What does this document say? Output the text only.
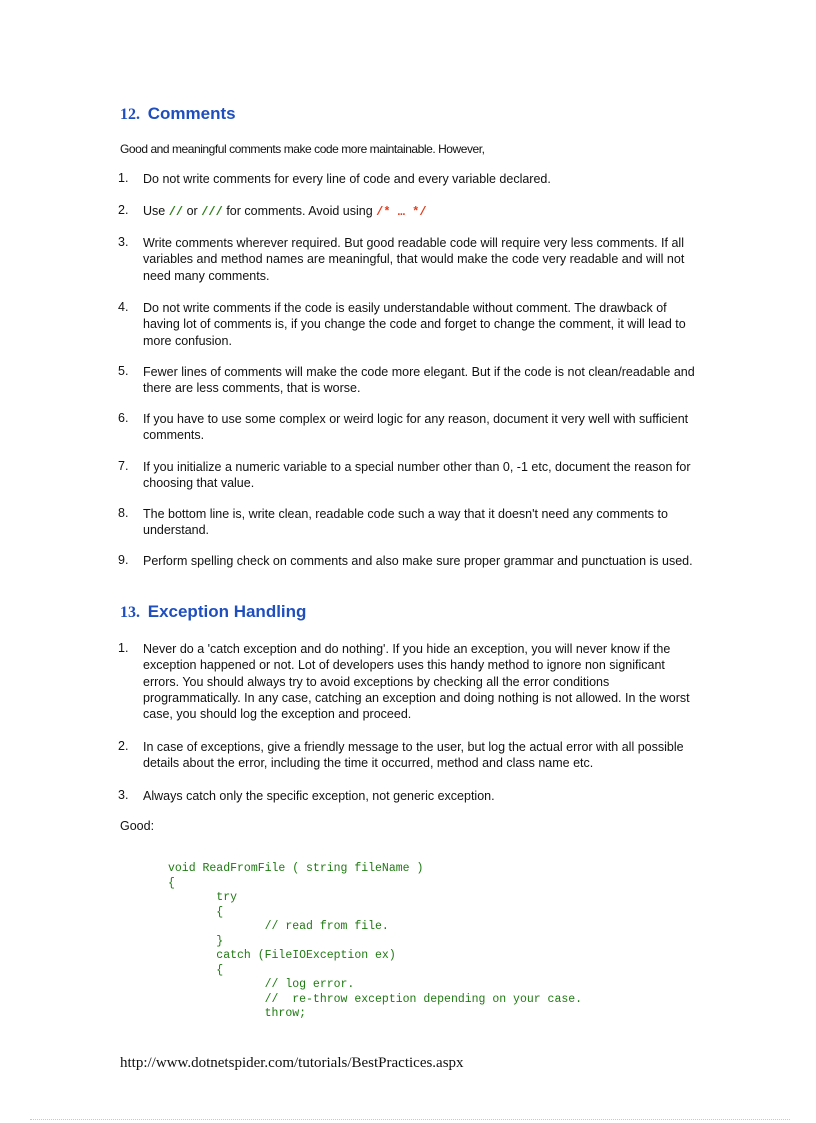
12. Comments
Good and meaningful comments make code more maintainable. However,
1. Do not write comments for every line of code and every variable declared.
2. Use // or /// for comments. Avoid using /* … */
3. Write comments wherever required. But good readable code will require very less comments. If all variables and method names are meaningful, that would make the code very readable and will not need many comments.
4. Do not write comments if the code is easily understandable without comment. The drawback of having lot of comments is, if you change the code and forget to change the comment, it will lead to more confusion.
5. Fewer lines of comments will make the code more elegant. But if the code is not clean/readable and there are less comments, that is worse.
6. If you have to use some complex or weird logic for any reason, document it very well with sufficient comments.
7. If you initialize a numeric variable to a special number other than 0, -1 etc, document the reason for choosing that value.
8. The bottom line is, write clean, readable code such a way that it doesn't need any comments to understand.
9. Perform spelling check on comments and also make sure proper grammar and punctuation is used.
13. Exception Handling
1. Never do a 'catch exception and do nothing'. If you hide an exception, you will never know if the exception happened or not. Lot of developers uses this handy method to ignore non significant errors. You should always try to avoid exceptions by checking all the error conditions programmatically. In any case, catching an exception and doing nothing is not allowed. In the worst case, you should log the exception and proceed.
2. In case of exceptions, give a friendly message to the user, but log the actual error with all possible details about the error, including the time it occurred, method and class name etc.
3. Always catch only the specific exception, not generic exception.
Good:
void ReadFromFile ( string fileName )
{
try
{
// read from file.
}
catch (FileIOException ex)
{
// log error.
//  re-throw exception depending on your case.
throw;
http://www.dotnetspider.com/tutorials/BestPractices.aspx
